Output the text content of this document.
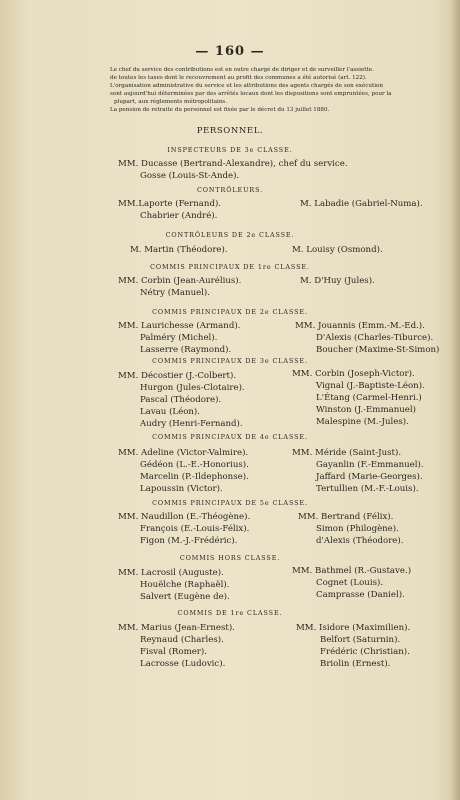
— 160 —
Le chef du service des contributions est en outre chargé de diriger et de surveiller l'assiette.
de toutes les taxes dont le recouvrement au profit des communes a été autorisé (art. 122).
L'organisation administrative du service et les attributions des agents chargés de son exécution
sont aujourd'hui déterminées par des arrêtés locaux dont les dispositions sont empruntées, pour la
plupart, aux règlements métropolitains.
La pension de retraite du personnel est fixée par le décret du 13 juillet 1880.
PERSONNEL.
INSPECTEURS DE 3e CLASSE.
MM. Ducasse (Bertrand-Alexandre), chef du service.
Gosse (Louis-St-Ande).
CONTRÔLEURS.
MM.Laporte (Fernand).
Chabrier (André).
M. Labadie (Gabriel-Numa).
CONTRÔLEURS DE 2e CLASSE.
M. Martin (Théodore).	M. Louisy (Osmond).
COMMIS PRINCIPAUX DE 1re CLASSE.
MM. Corbin (Jean-Aurélius).
Nétry (Manuel).
M. D'Huy (Jules).
COMMIS PRINCIPAUX DE 2e CLASSE.
MM. Laurichesse (Armand).
Palméry (Michel).
Lasserre (Raymond).
MM. Jouannis (Emm.-M.-Ed.).
D'Alexis (Charles-Tiburce).
Boucher (Maxime-St-Simon)
COMMIS PRINCIPAUX DE 3e CLASSE.
MM. Décostier (J.-Colbert).
Hurgon (Jules-Clotaire).
Pascal (Théodore).
Lavau (Léon).
Audry (Henri-Fernand).
MM. Corbin (Joseph-Victor).
Vignal (J.-Baptiste-Léon).
L'Étang (Carmel-Henri.)
Winston (J.-Emmanuel)
Malespine (M.-Jules).
COMMIS PRINCIPAUX DE 4e CLASSE.
MM. Adeline (Victor-Valmire).
Gédéon (L.-E.-Honorius).
Marcelin (P.-Ildephonse).
Lapoussin (Victor).
MM. Méride (Saint-Just).
Gayanlin (F.-Emmanuel).
Jaffard (Marie-Georges).
Tertullien (M.-F.-Louis).
COMMIS PRINCIPAUX DE 5e CLASSE.
MM. Naudillon (E.-Théogène).
François (E.-Louis-Félix).
Figon (M.-J.-Frédéric).
MM. Bertrand (Félix).
Simon (Philogène).
d'Alexis (Théodore).
COMMIS HORS CLASSE.
MM. Lacrosil (Auguste).
Houëlche (Raphaël).
Salvert (Eugène de).
MM. Bathmel (R.-Gustave.)
Cognet (Louis).
Camprasse (Daniel).
COMMIS DE 1re CLASSE.
MM. Marius (Jean-Ernest).
Reynaud (Charles).
Fisval (Romer).
Lacrosse (Ludovic).
MM. Isidore (Maximilien).
Belfort (Saturnin).
Frédéric (Christian).
Briolin (Ernest).
